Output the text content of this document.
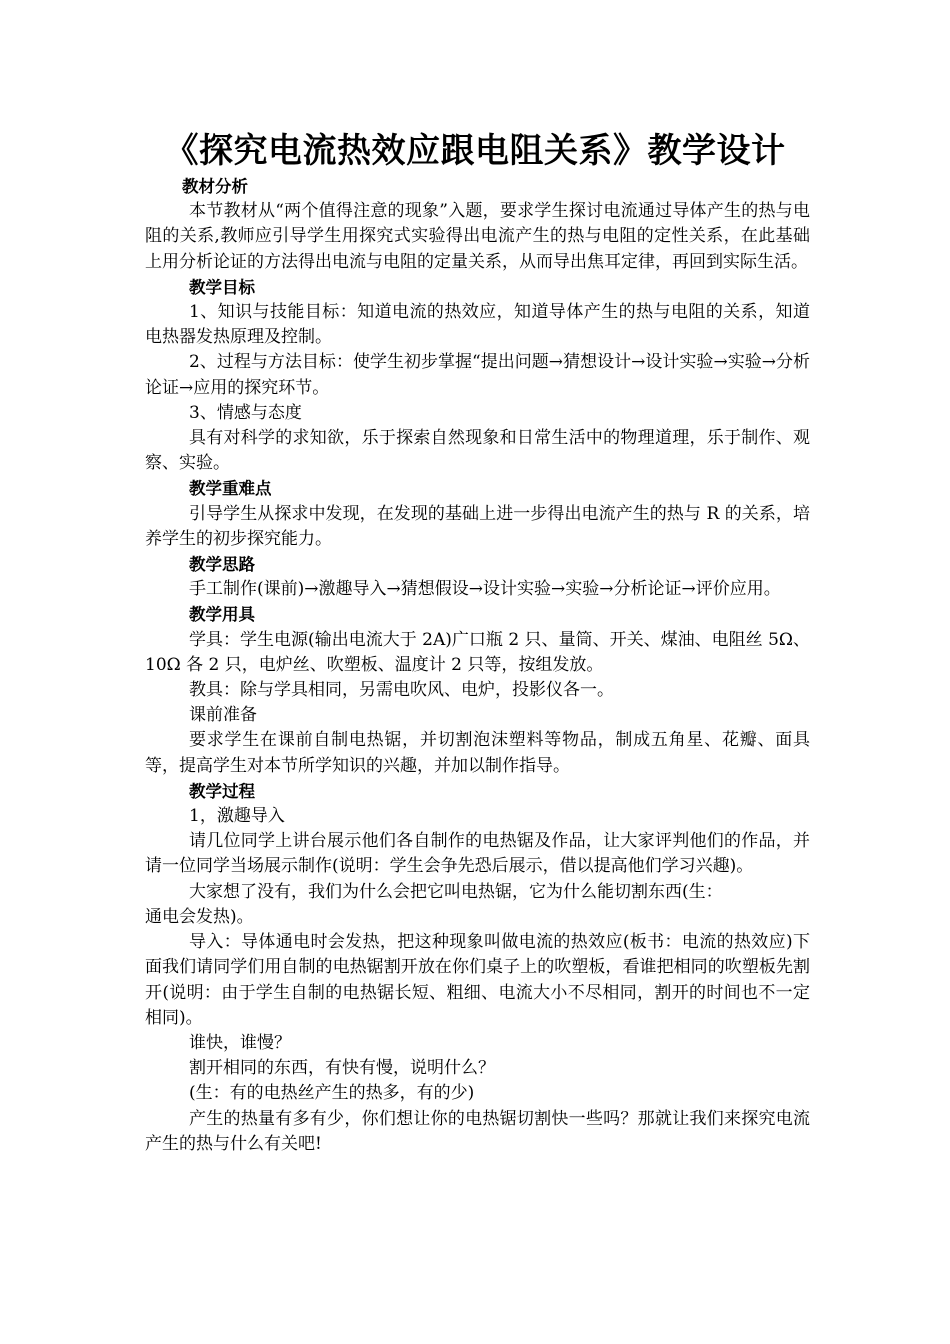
《探究电流热效应跟电阻关系》教学设计
教材分析
本节教材从“两个值得注意的现象”入题，要求学生探讨电流通过导体产生的热与电阻的关系,教师应引导学生用探究式实验得出电流产生的热与电阻的定性关系，在此基础上用分析论证的方法得出电流与电阻的定量关系，从而导出焦耳定律，再回到实际生活。
教学目标
1、知识与技能目标：知道电流的热效应，知道导体产生的热与电阻的关系，知道电热器发热原理及控制。
2、过程与方法目标：使学生初步掌握“提出问题→猜想设计→设计实验→实验→分析论证→应用的探究环节。
3、情感与态度
具有对科学的求知欲，乐于探索自然现象和日常生活中的物理道理，乐于制作、观察、实验。
教学重难点
引导学生从探求中发现，在发现的基础上进一步得出电流产生的热与 R 的关系，培养学生的初步探究能力。
教学思路
手工制作(课前)→激趣导入→猜想假设→设计实验→实验→分析论证→评价应用。
教学用具
学具：学生电源(输出电流大于 2A)广口瓶 2 只、量筒、开关、煤油、电阻丝 5Ω、10Ω 各 2 只，电炉丝、吹塑板、温度计 2 只等，按组发放。
教具：除与学具相同，另需电吹风、电炉，投影仪各一。
课前准备
要求学生在课前自制电热锯，并切割泡沫塑料等物品，制成五角星、花瓣、面具等，提高学生对本节所学知识的兴趣，并加以制作指导。
教学过程
1，激趣导入
请几位同学上讲台展示他们各自制作的电热锯及作品，让大家评判他们的作品，并请一位同学当场展示制作(说明：学生会争先恐后展示，借以提高他们学习兴趣)。
大家想了没有，我们为什么会把它叫电热锯，它为什么能切割东西(生：
通电会发热)。
导入：导体通电时会发热，把这种现象叫做电流的热效应(板书：电流的热效应)下面我们请同学们用自制的电热锯割开放在你们桌子上的吹塑板，看谁把相同的吹塑板先割开(说明：由于学生自制的电热锯长短、粗细、电流大小不尽相同，割开的时间也不一定相同)。
谁快，谁慢？
割开相同的东西，有快有慢，说明什么？
(生：有的电热丝产生的热多，有的少)
产生的热量有多有少，你们想让你的电热锯切割快一些吗？那就让我们来探究电流产生的热与什么有关吧!
